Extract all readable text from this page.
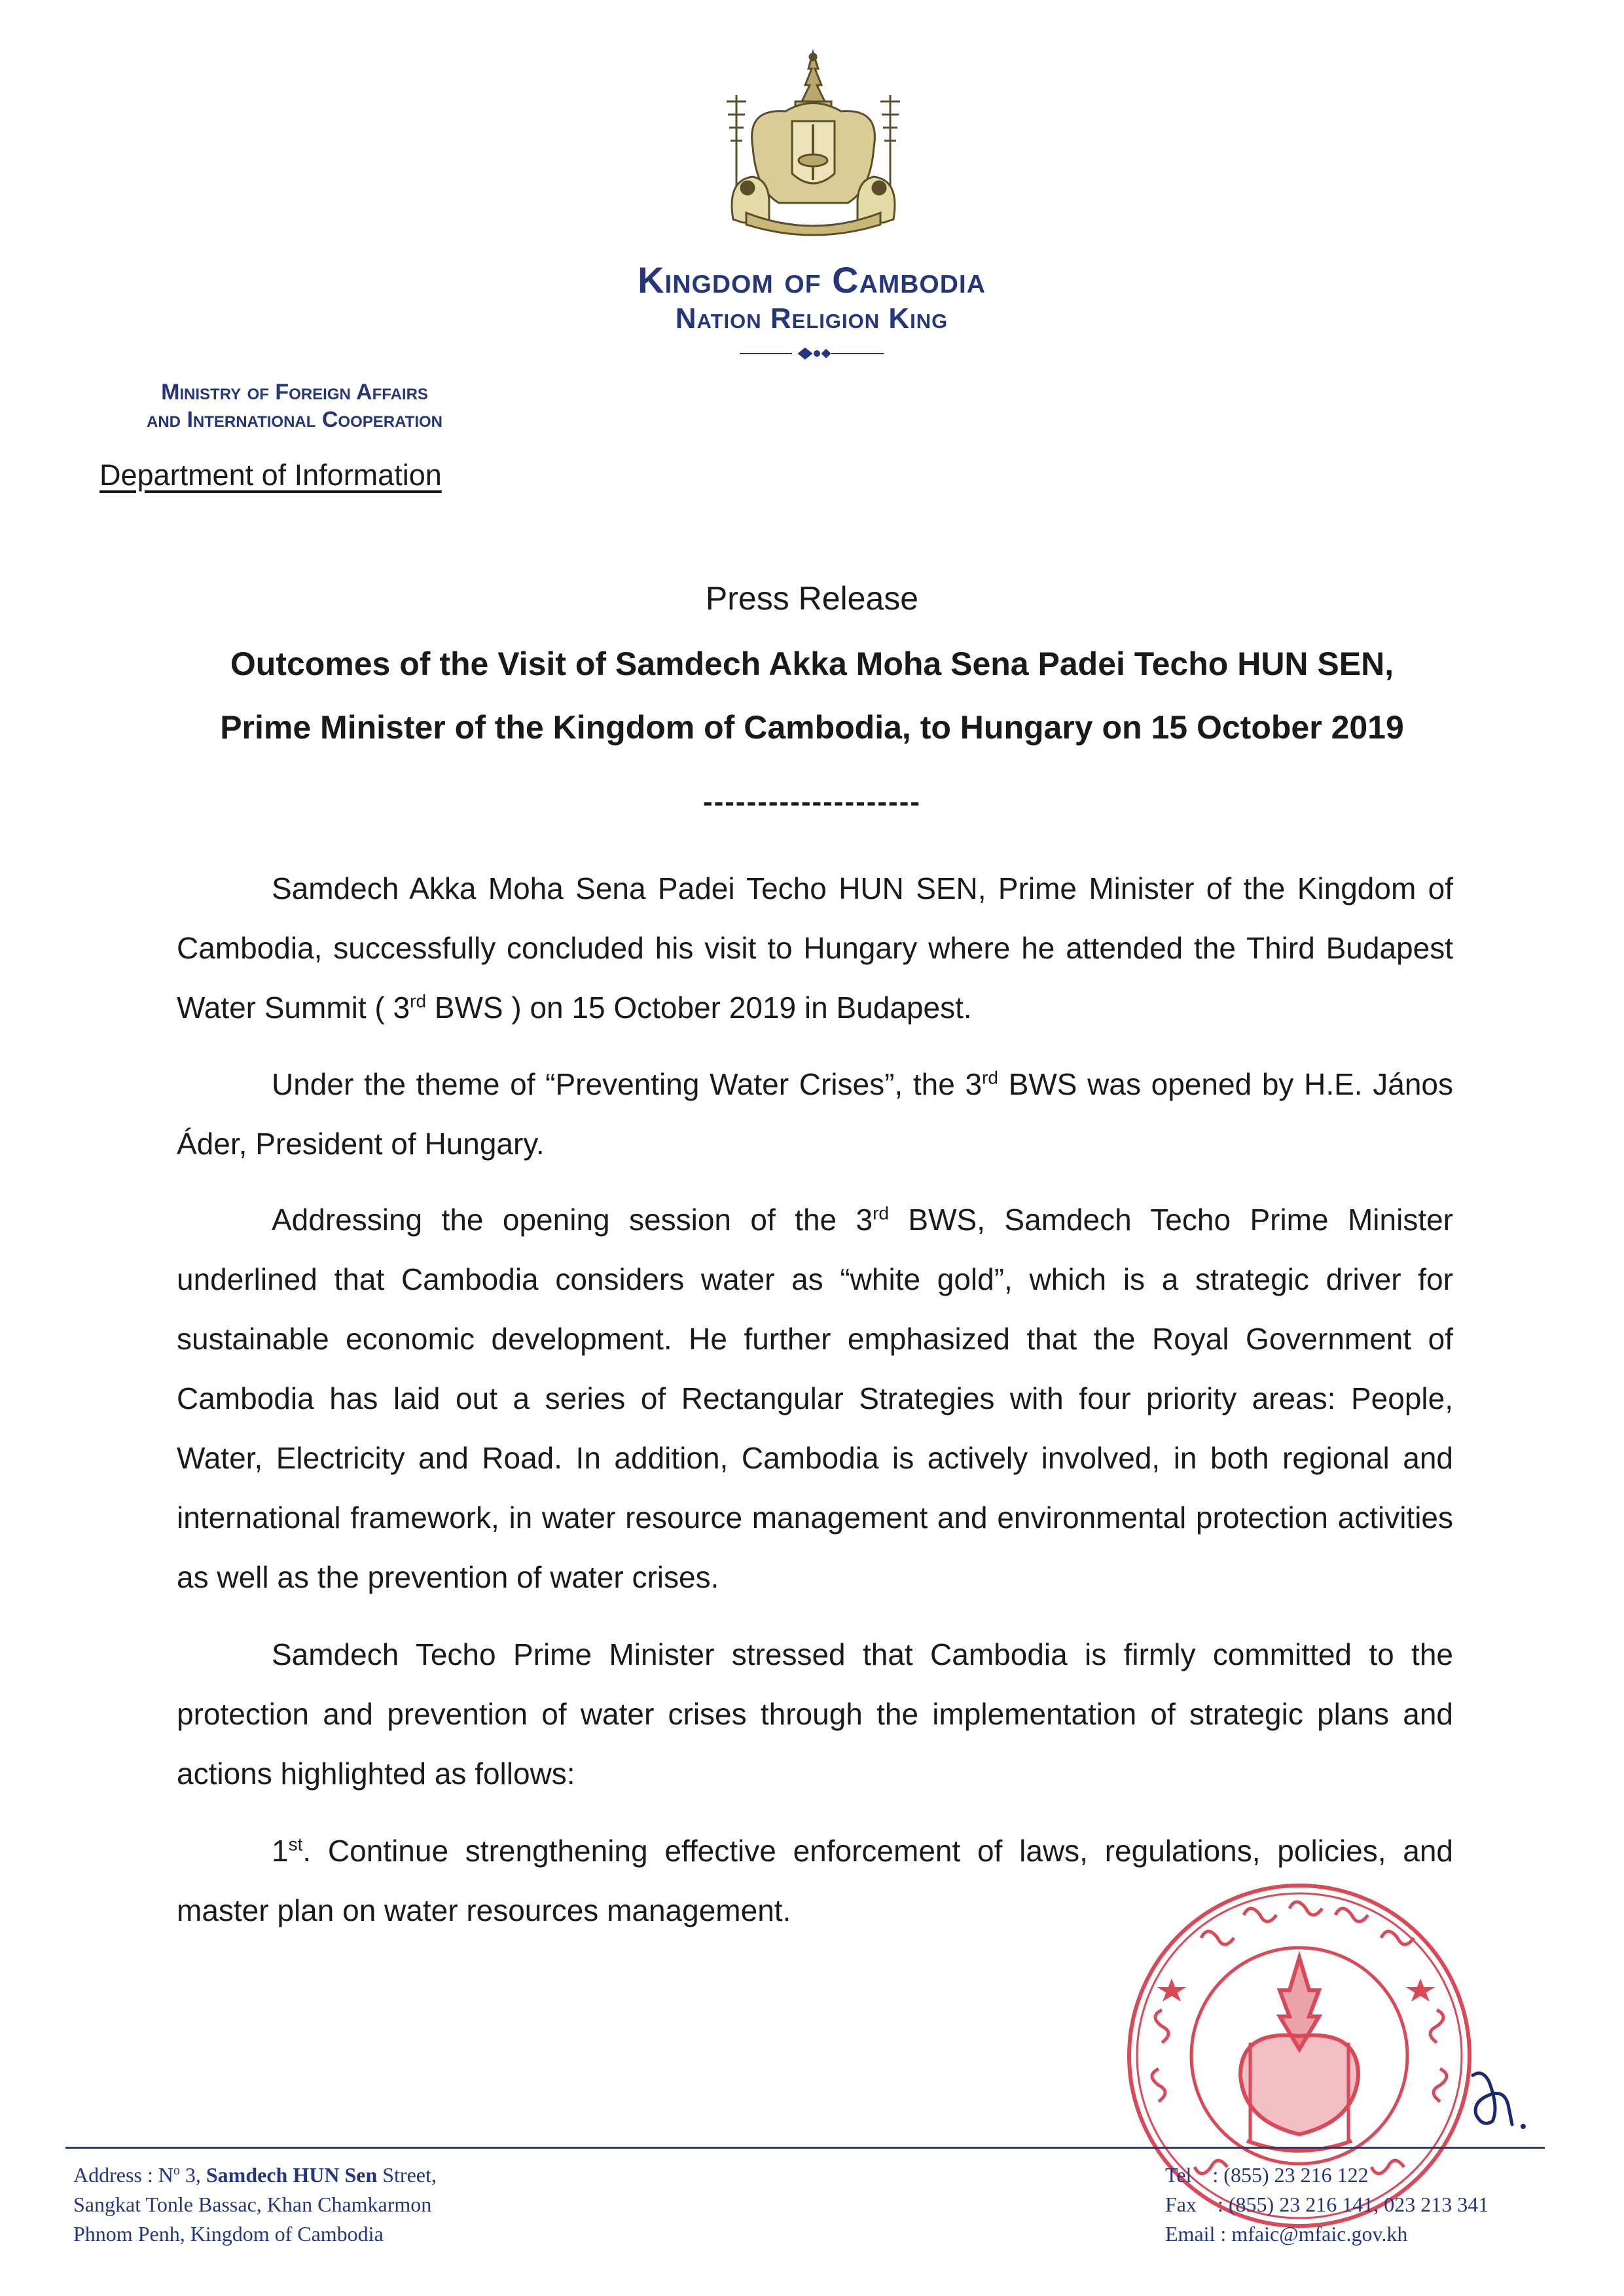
Kingdom of Cambodia
Nation Religion King
Ministry of Foreign Affairs
and International Cooperation
Department of Information
Press Release
Outcomes of the Visit of Samdech Akka Moha Sena Padei Techo HUN SEN,
Prime Minister of the Kingdom of Cambodia, to Hungary on 15 October 2019
--------------------
Samdech Akka Moha Sena Padei Techo HUN SEN, Prime Minister of the Kingdom of Cambodia, successfully concluded his visit to Hungary where he attended the Third Budapest Water Summit ( 3rd BWS ) on 15 October 2019 in Budapest.
Under the theme of “Preventing Water Crises”, the 3rd BWS was opened by H.E. János Áder, President of Hungary.
Addressing the opening session of the 3rd BWS, Samdech Techo Prime Minister underlined that Cambodia considers water as “white gold”, which is a strategic driver for sustainable economic development. He further emphasized that the Royal Government of Cambodia has laid out a series of Rectangular Strategies with four priority areas: People, Water, Electricity and Road. In addition, Cambodia is actively involved, in both regional and international framework, in water resource management and environmental protection activities as well as the prevention of water crises.
Samdech Techo Prime Minister stressed that Cambodia is firmly committed to the protection and prevention of water crises through the implementation of strategic plans and actions highlighted as follows:
1st. Continue strengthening effective enforcement of laws, regulations, policies, and master plan on water resources management.
Address : $N^o$ 3, Samdech HUN Sen Street,
Sangkat Tonle Bassac, Khan Chamkarmon
Phnom Penh, Kingdom of Cambodia
Tel    : (855) 23 216 122
Fax    : (855) 23 216 141, 023 213 341
Email : mfaic@mfaic.gov.kh
